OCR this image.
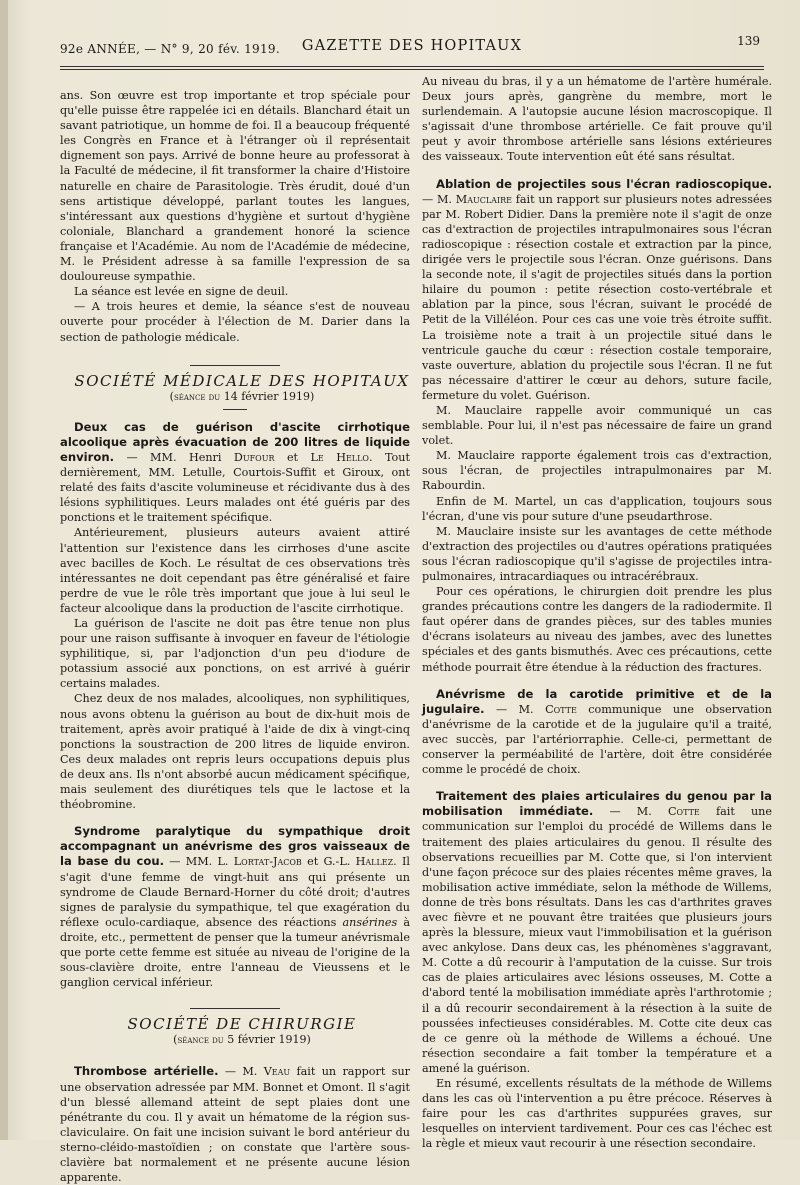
92e ANNÉE, — N° 9, 20 fév. 1919.	GAZETTE DES HOPITAUX	139

ans. Son œuvre est trop importante et trop spéciale pour qu'elle puisse être rappelée ici en détails. Blanchard était un savant patriotique, un homme de foi. Il a beaucoup fréquenté les Congrès en France et à l'étranger où il représentait dignement son pays. Arrivé de bonne heure au professorat à la Faculté de médecine, il fit transformer la chaire d'Histoire naturelle en chaire de Parasitologie. Très érudit, doué d'un sens artistique développé, parlant toutes les langues, s'intéressant aux questions d'hygiène et surtout d'hygiène coloniale, Blanchard a grandement honoré la science française et l'Académie. Au nom de l'Académie de médecine, M. le Président adresse à sa famille l'expression de sa douloureuse sympathie.

La séance est levée en signe de deuil.

— A trois heures et demie, la séance s'est de nouveau ouverte pour procéder à l'élection de M. Darier dans la section de pathologie médicale.

SOCIÉTÉ MÉDICALE DES HOPITAUX

(séance du 14 février 1919)

Deux cas de guérison d'ascite cirrhotique alcoolique après évacuation de 200 litres de liquide environ. — MM. Henri Dufour et Le Hello. Tout dernièrement, MM. Letulle, Courtois-Suffit et Giroux, ont relaté des faits d'ascite volumineuse et récidivante dus à des lésions syphilitiques. Leurs malades ont été guéris par des ponctions et le traitement spécifique.

Antérieurement, plusieurs auteurs avaient attiré l'attention sur l'existence dans les cirrhoses d'une ascite avec bacilles de Koch. Le résultat de ces observations très intéressantes ne doit cependant pas être généralisé et faire perdre de vue le rôle très important que joue à lui seul le facteur alcoolique dans la production de l'ascite cirrhotique.

La guérison de l'ascite ne doit pas être tenue non plus pour une raison suffisante à invoquer en faveur de l'étiologie syphilitique, si, par l'adjonction d'un peu d'iodure de potassium associé aux ponctions, on est arrivé à guérir certains malades.

Chez deux de nos malades, alcooliques, non syphilitiques, nous avons obtenu la guérison au bout de dix-huit mois de traitement, après avoir pratiqué à l'aide de dix à vingt-cinq ponctions la soustraction de 200 litres de liquide environ. Ces deux malades ont repris leurs occupations depuis plus de deux ans. Ils n'ont absorbé aucun médicament spécifique, mais seulement des diurétiques tels que le lactose et la théobromine.

Syndrome paralytique du sympathique droit accompagnant un anévrisme des gros vaisseaux de la base du cou. — MM. L. Lortat-Jacob et G.-L. Hallez. Il s'agit d'une femme de vingt-huit ans qui présente un syndrome de Claude Bernard-Horner du côté droit; d'autres signes de paralysie du sympathique, tel que exagération du réflexe oculo-cardiaque, absence des réactions ansérines à droite, etc., permettent de penser que la tumeur anévrismale que porte cette femme est située au niveau de l'origine de la sous-clavière droite, entre l'anneau de Vieussens et le ganglion cervical inférieur.

SOCIÉTÉ DE CHIRURGIE

(séance du 5 février 1919)

Thrombose artérielle. — M. Veau fait un rapport sur une observation adressée par MM. Bonnet et Omont. Il s'agit d'un blessé allemand atteint de sept plaies dont une pénétrante du cou. Il y avait un hématome de la région sus-claviculaire. On fait une incision suivant le bord antérieur du sterno-cléido-mastoïdien ; on constate que l'artère sous-clavière bat normalement et ne présente aucune lésion apparente.

Au niveau du bras, il y a un hématome de l'artère humérale. Deux jours après, gangrène du membre, mort le surlendemain. A l'autopsie aucune lésion macroscopique. Il s'agissait d'une thrombose artérielle. Ce fait prouve qu'il peut y avoir thrombose artérielle sans lésions extérieures des vaisseaux. Toute intervention eût été sans résultat.

Ablation de projectiles sous l'écran radioscopique. — M. Mauclaire fait un rapport sur plusieurs notes adressées par M. Robert Didier. Dans la première note il s'agit de onze cas d'extraction de projectiles intrapulmonaires sous l'écran radioscopique : résection costale et extraction par la pince, dirigée vers le projectile sous l'écran. Onze guérisons. Dans la seconde note, il s'agit de projectiles situés dans la portion hilaire du poumon : petite résection costo-vertébrale et ablation par la pince, sous l'écran, suivant le procédé de Petit de la Villéléon. Pour ces cas une voie très étroite suffit. La troisième note a trait à un projectile situé dans le ventricule gauche du cœur : résection costale temporaire, vaste ouverture, ablation du projectile sous l'écran. Il ne fut pas nécessaire d'attirer le cœur au dehors, suture facile, fermeture du volet. Guérison.

M. Mauclaire rappelle avoir communiqué un cas semblable. Pour lui, il n'est pas nécessaire de faire un grand volet.

M. Mauclaire rapporte également trois cas d'extraction, sous l'écran, de projectiles intrapulmonaires par M. Rabourdin.

Enfin de M. Martel, un cas d'application, toujours sous l'écran, d'une vis pour suture d'une pseudarthrose.

M. Mauclaire insiste sur les avantages de cette méthode d'extraction des projectiles ou d'autres opérations pratiquées sous l'écran radioscopique qu'il s'agisse de projectiles intra-pulmonaires, intracardiaques ou intracérébraux.

Pour ces opérations, le chirurgien doit prendre les plus grandes précautions contre les dangers de la radiodermite. Il faut opérer dans de grandes pièces, sur des tables munies d'écrans isolateurs au niveau des jambes, avec des lunettes spéciales et des gants bismuthés. Avec ces précautions, cette méthode pourrait être étendue à la réduction des fractures.

Anévrisme de la carotide primitive et de la jugulaire. — M. Cotte communique une observation d'anévrisme de la carotide et de la jugulaire qu'il a traité, avec succès, par l'artériorraphie. Celle-ci, permettant de conserver la perméabilité de l'artère, doit être considérée comme le procédé de choix.

Traitement des plaies articulaires du genou par la mobilisation immédiate. — M. Cotte fait une communication sur l'emploi du procédé de Willems dans le traitement des plaies articulaires du genou. Il résulte des observations recueillies par M. Cotte que, si l'on intervient d'une façon précoce sur des plaies récentes même graves, la mobilisation active immédiate, selon la méthode de Willems, donne de très bons résultats. Dans les cas d'arthrites graves avec fièvre et ne pouvant être traitées que plusieurs jours après la blessure, mieux vaut l'immobilisation et la guérison avec ankylose. Dans deux cas, les phénomènes s'aggravant, M. Cotte a dû recourir à l'amputation de la cuisse. Sur trois cas de plaies articulaires avec lésions osseuses, M. Cotte a d'abord tenté la mobilisation immédiate après l'arthrotomie ; il a dû recourir secondairement à la résection à la suite de poussées infectieuses considérables. M. Cotte cite deux cas de ce genre où la méthode de Willems a échoué. Une résection secondaire a fait tomber la température et a amené la guérison.

En résumé, excellents résultats de la méthode de Willems dans les cas où l'intervention a pu être précoce. Réserves à faire pour les cas d'arthrites suppurées graves, sur lesquelles on intervient tardivement. Pour ces cas l'échec est la règle et mieux vaut recourir à une résection secondaire.
